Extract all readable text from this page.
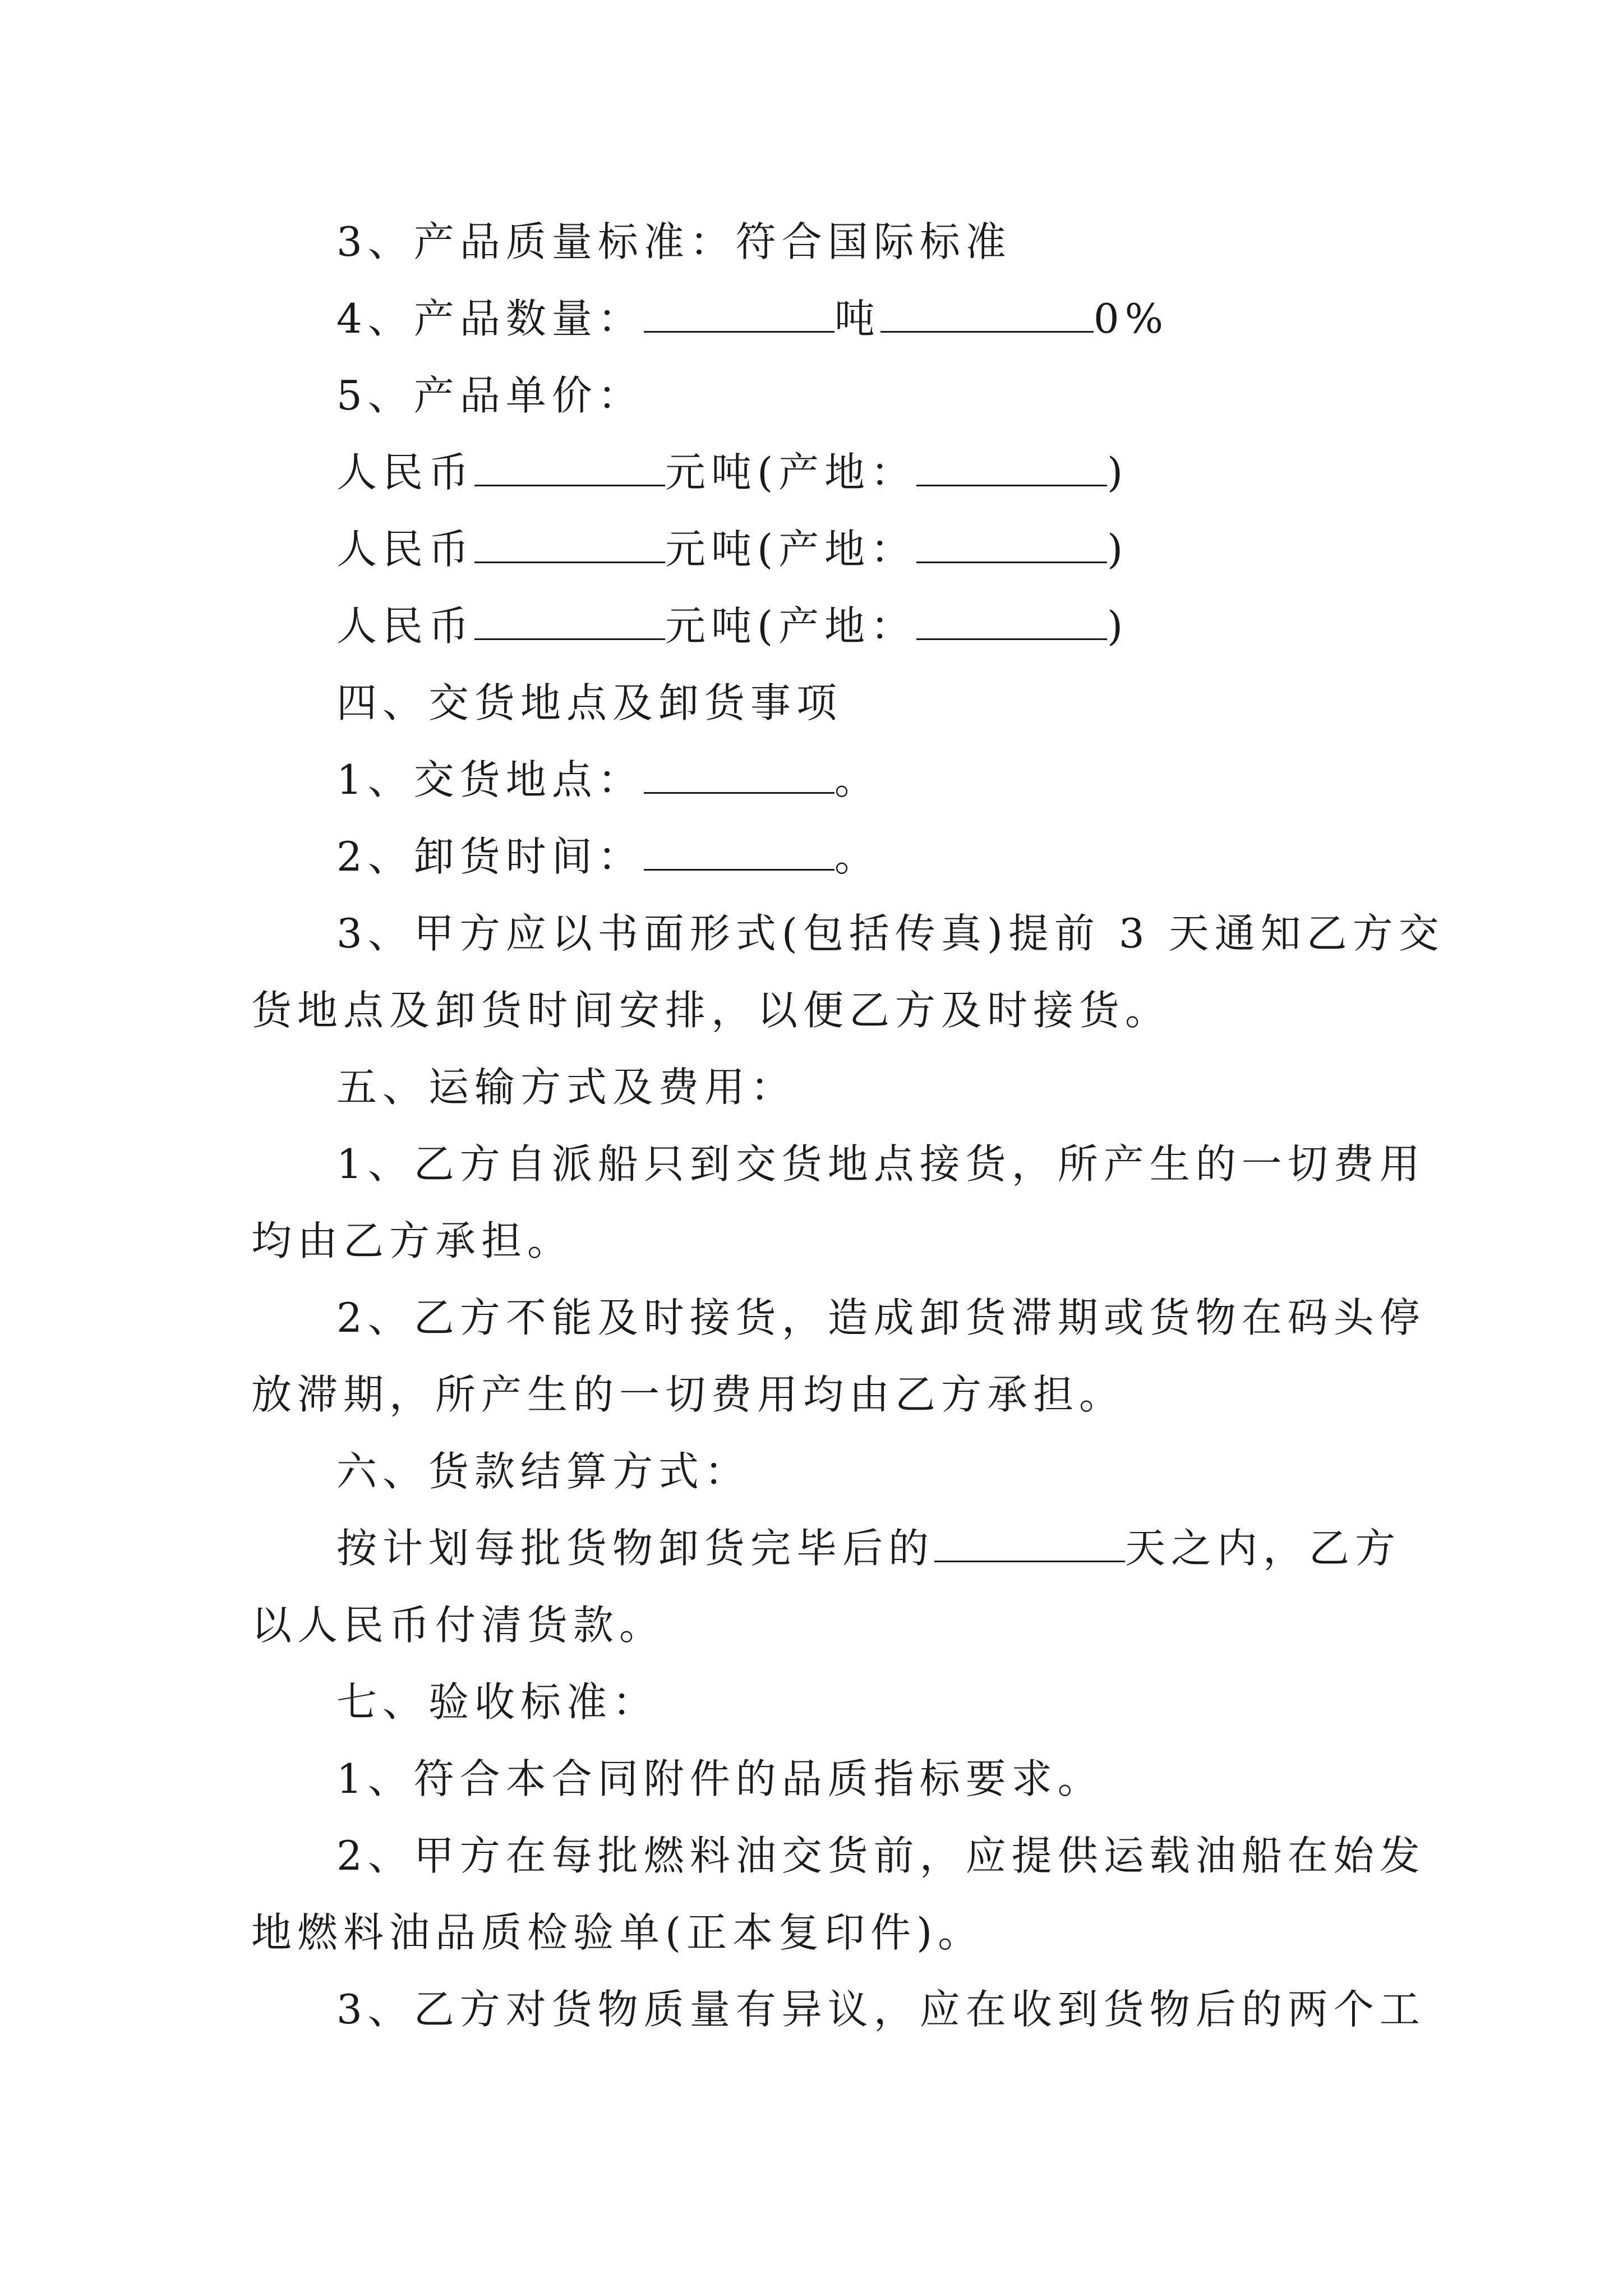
3、产品质量标准：符合国际标准
4、产品数量：	吨	0%
5、产品单价：
人民币	元吨(产地：	)
人民币	元吨(产地：	)
人民币	元吨(产地：	)
四、交货地点及卸货事项
1、交货地点：	。
2、卸货时间：	。
3、甲方应以书面形式(包括传真)提前 3 天通知乙方交
货地点及卸货时间安排，以便乙方及时接货。
五、运输方式及费用：
1、乙方自派船只到交货地点接货，所产生的一切费用
均由乙方承担。
2、乙方不能及时接货，造成卸货滞期或货物在码头停
放滞期，所产生的一切费用均由乙方承担。
六、货款结算方式：
按计划每批货物卸货完毕后的	天之内，乙方
以人民币付清货款。
七、验收标准：
1、符合本合同附件的品质指标要求。
2、甲方在每批燃料油交货前，应提供运载油船在始发
地燃料油品质检验单(正本复印件)。
3、乙方对货物质量有异议，应在收到货物后的两个工
